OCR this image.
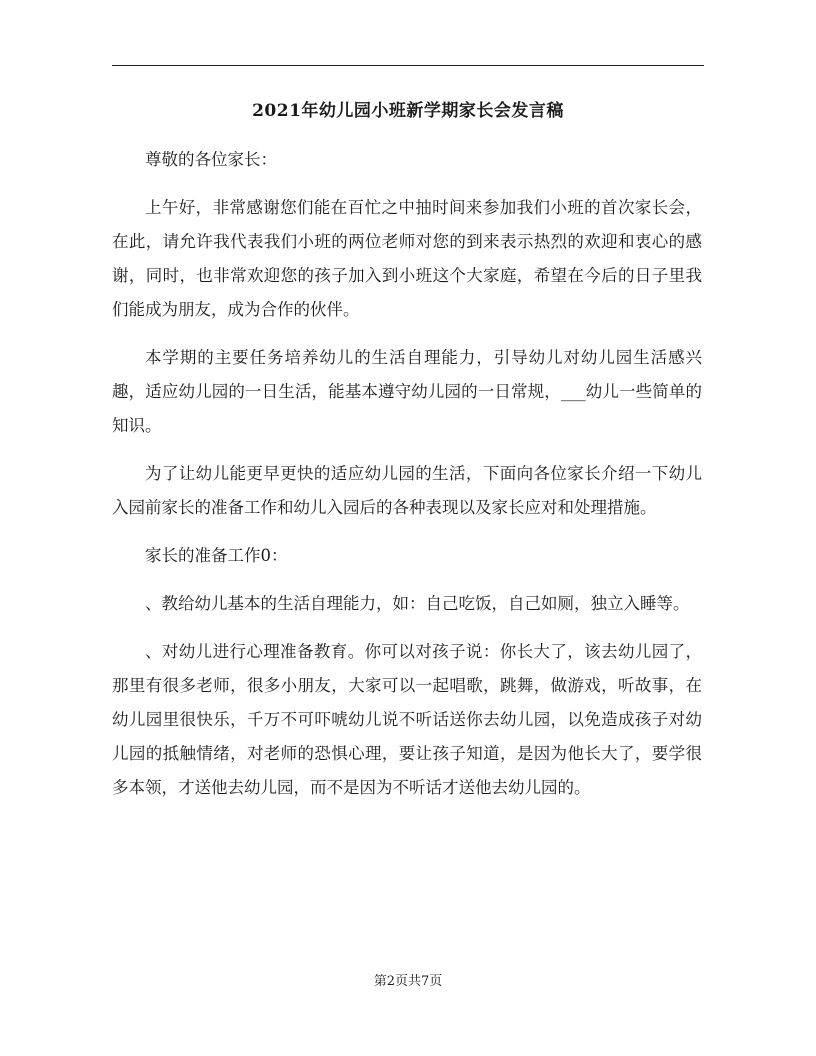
2021年幼儿园小班新学期家长会发言稿

尊敬的各位家长：

上午好，非常感谢您们能在百忙之中抽时间来参加我们小班的首次家长会，在此，请允许我代表我们小班的两位老师对您的到来表示热烈的欢迎和衷心的感谢，同时，也非常欢迎您的孩子加入到小班这个大家庭，希望在今后的日子里我们能成为朋友，成为合作的伙伴。

本学期的主要任务培养幼儿的生活自理能力，引导幼儿对幼儿园生活感兴趣，适应幼儿园的一日生活，能基本遵守幼儿园的一日常规，___幼儿一些简单的知识。

为了让幼儿能更早更快的适应幼儿园的生活，下面向各位家长介绍一下幼儿入园前家长的准备工作和幼儿入园后的各种表现以及家长应对和处理措施。

家长的准备工作0：

、教给幼儿基本的生活自理能力，如：自己吃饭，自己如厕，独立入睡等。

、对幼儿进行心理准备教育。你可以对孩子说：你长大了，该去幼儿园了，那里有很多老师，很多小朋友，大家可以一起唱歌，跳舞，做游戏，听故事，在幼儿园里很快乐，千万不可吓唬幼儿说不听话送你去幼儿园，以免造成孩子对幼儿园的抵触情绪，对老师的恐惧心理，要让孩子知道，是因为他长大了，要学很多本领，才送他去幼儿园，而不是因为不听话才送他去幼儿园的。

第2页共7页
